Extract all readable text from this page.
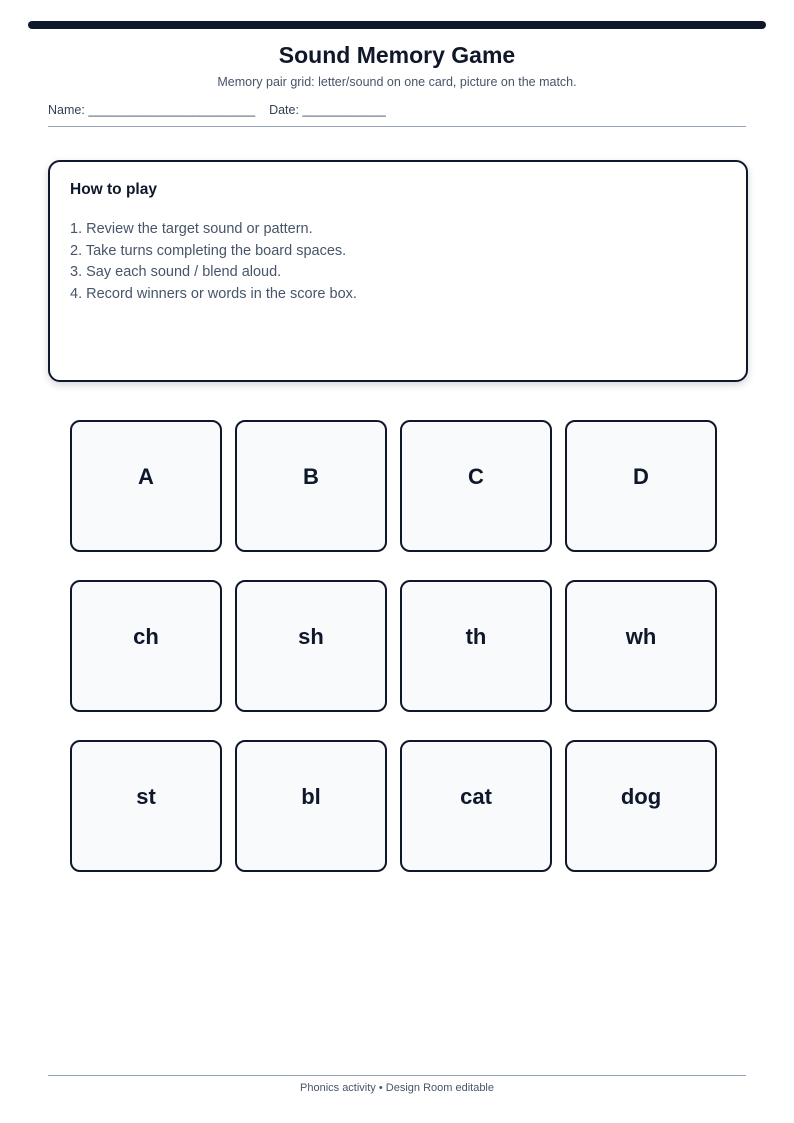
Sound Memory Game
Memory pair grid: letter/sound on one card, picture on the match.
Name: ________________________ Date: ____________
How to play
1. Review the target sound or pattern.
2. Take turns completing the board spaces.
3. Say each sound / blend aloud.
4. Record winners or words in the score box.
A	B	C	D
ch	sh	th	wh
st	bl	cat	dog
Phonics activity • Design Room editable
